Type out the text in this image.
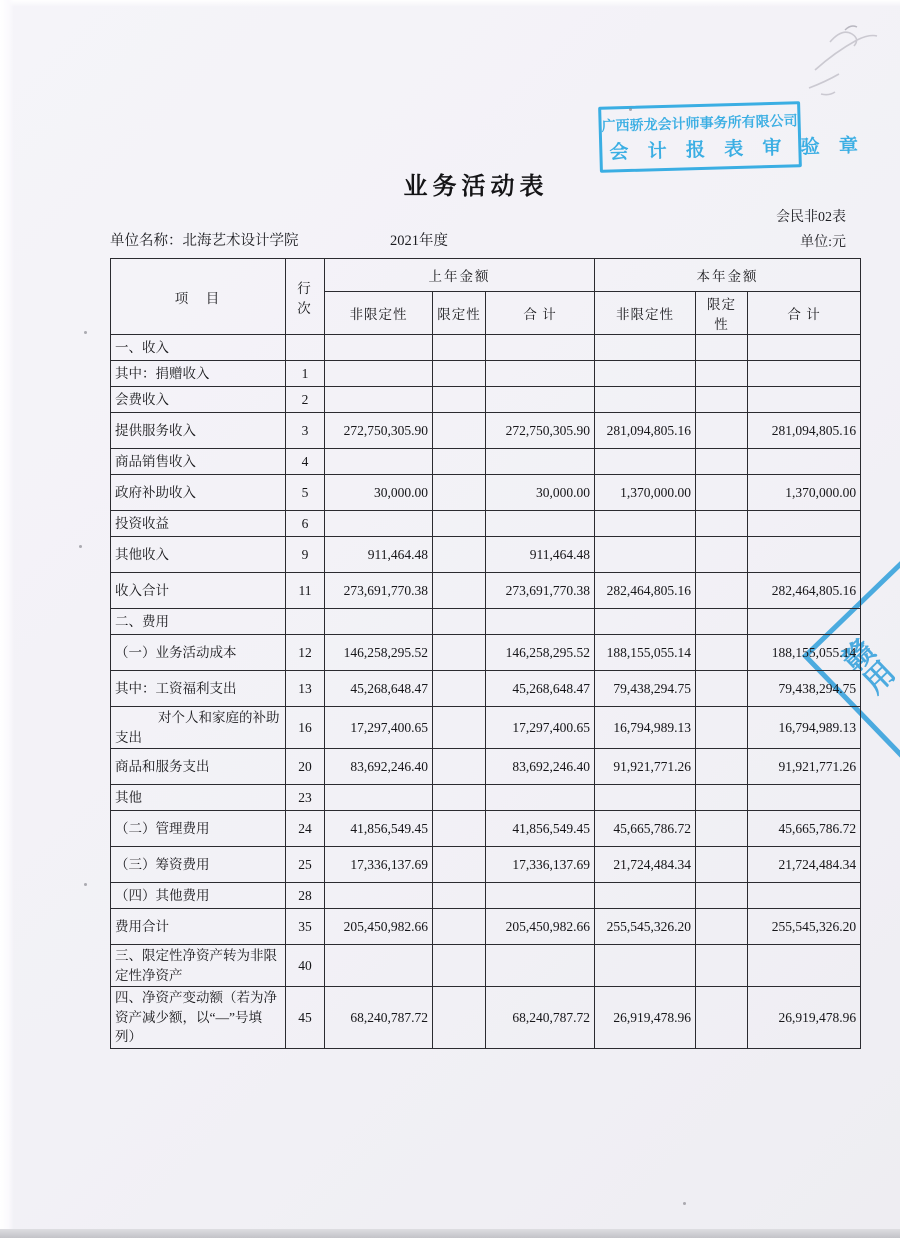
广西骄龙会计师事务所有限公司
会 计 报 表 审 验 章
赣用
业务活动表
会民非02表
单位名称：北海艺术设计学院	2021年度	单位:元
项　目	行次	上年金额			本年金额		
		非限定性	限定性	合 计	非限定性	限定性	合 计
一、收入							
其中：捐赠收入	1						
会费收入	2						
提供服务收入	3	272,750,305.90		272,750,305.90	281,094,805.16		281,094,805.16
商品销售收入	4						
政府补助收入	5	30,000.00		30,000.00	1,370,000.00		1,370,000.00
投资收益	6						
其他收入	9	911,464.48		911,464.48			
收入合计	11	273,691,770.38		273,691,770.38	282,464,805.16		282,464,805.16
二、费用							
（一）业务活动成本	12	146,258,295.52		146,258,295.52	188,155,055.14		188,155,055.14
其中：工资福利支出	13	45,268,648.47		45,268,648.47	79,438,294.75		79,438,294.75
对个人和家庭的补助支出	16	17,297,400.65		17,297,400.65	16,794,989.13		16,794,989.13
商品和服务支出	20	83,692,246.40		83,692,246.40	91,921,771.26		91,921,771.26
其他	23						
（二）管理费用	24	41,856,549.45		41,856,549.45	45,665,786.72		45,665,786.72
（三）筹资费用	25	17,336,137.69		17,336,137.69	21,724,484.34		21,724,484.34
（四）其他费用	28						
费用合计	35	205,450,982.66		205,450,982.66	255,545,326.20		255,545,326.20
三、限定性净资产转为非限定性净资产	40						
四、净资产变动额（若为净资产减少额，以“—”号填列）	45	68,240,787.72		68,240,787.72	26,919,478.96		26,919,478.96
